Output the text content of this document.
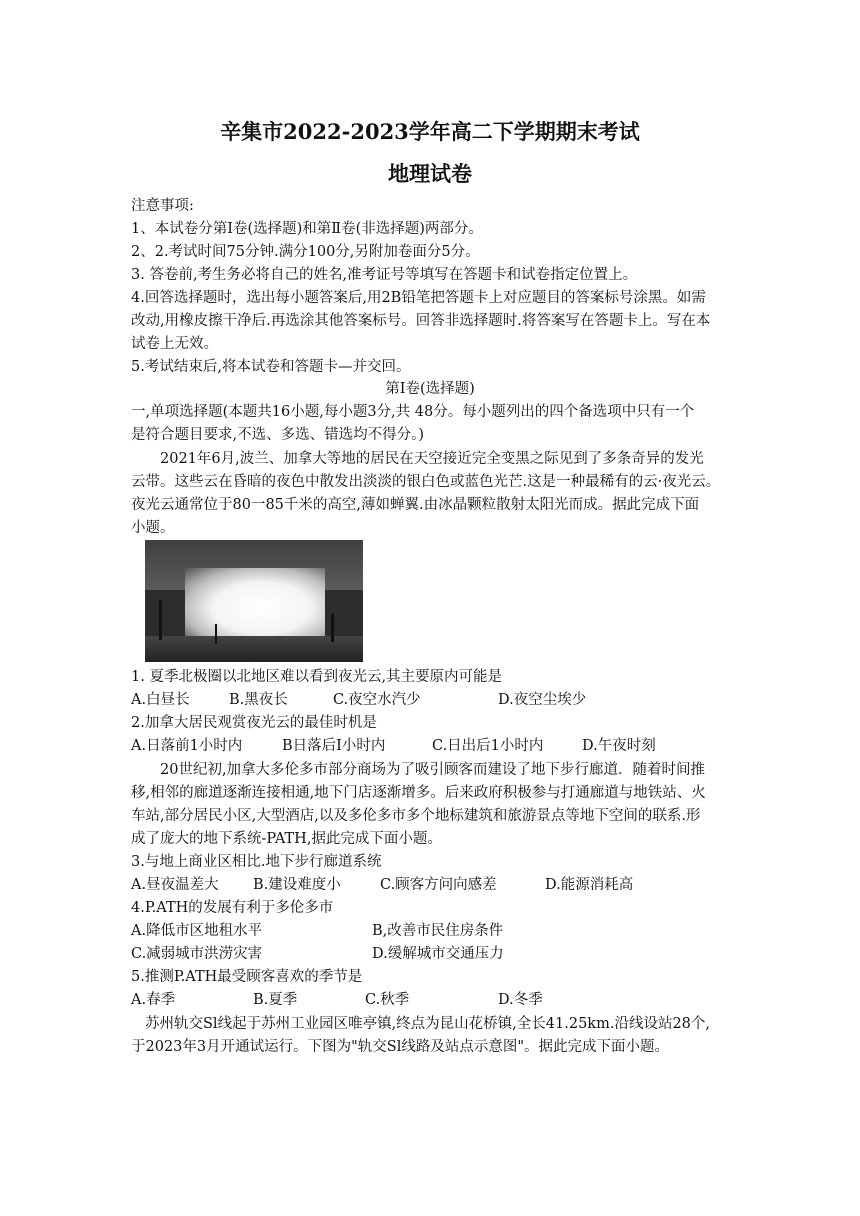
辛集市2022-2023学年高二下学期期末考试
地理试卷
注意事项:
1、本试卷分第Ⅰ卷(选择题)和第Ⅱ卷(非选择题)两部分。
2、2.考试时间75分钟.满分100分,另附加卷面分5分。
3. 答卷前,考生务必将自己的姓名,准考证号等填写在答题卡和试卷指定位置上。
4.回答选择题时，选出每小题答案后,用2B铅笔把答题卡上对应题目的答案标号涂黑。如需
改动,用橡皮擦干净后.再选涂其他答案标号。回答非选择题时.将答案写在答题卡上。写在本
试卷上无效。
5.考试结束后,将本试卷和答题卡—并交回。
第Ⅰ卷(选择题)
一,单项选择题(本题共16小题,每小题3分,共 48分。每小题列出的四个备选项中只有一个
是符合题目要求,不选、多选、错选均不得分。)
2021年6月,波兰、加拿大等地的居民在天空接近完全变黑之际见到了多条奇异的发光
云带。这些云在昏暗的夜色中散发出淡淡的银白色或蓝色光芒.这是一种最稀有的云·夜光云。
夜光云通常位于80一85千米的高空,薄如蝉翼.由冰晶颗粒散射太阳光而成。据此完成下面
小题。
1. 夏季北极圈以北地区难以看到夜光云,其主要原内可能是
A.白昼长	B.黑夜长	C.夜空水汽少	D.夜空尘埃少
2.加拿大居民观赏夜光云的最佳时机是
A.日落前1小时内	B日落后Ⅰ小时内	C.日出后1小时内	D.午夜时刻
20世纪初,加拿大多伦多市部分商场为了吸引顾客而建设了地下步行廊道．随着时间推
移,相邻的廊道逐渐连接相通,地下门店逐渐增多。后来政府积极参与打通廊道与地铁站、火
车站,部分居民小区,大型酒店,以及多伦多市多个地标建筑和旅游景点等地下空间的联系.形
成了庞大的地下系统-PATH,据此完成下面小题。
3.与地上商业区相比.地下步行廊道系统
A.昼夜温差大 B.建设难度小	C.顾客方问向感差	D.能源消耗高
4.P.ATH的发展有利于多伦多市
A.降低市区地租水平	B,改善市民住房条件
C.减弱城市洪涝灾害	D.缓解城市交通压力
5.推测P.ATH最受顾客喜欢的季节是
A.春季	B.夏季	C.秋季	D.冬季
苏州轨交Sl线起于苏州工业园区唯亭镇,终点为昆山花桥镇,全长41.25km.沿线设站28个,
于2023年3月开通试运行。下图为"轨交Sl线路及站点示意图"。据此完成下面小题。
